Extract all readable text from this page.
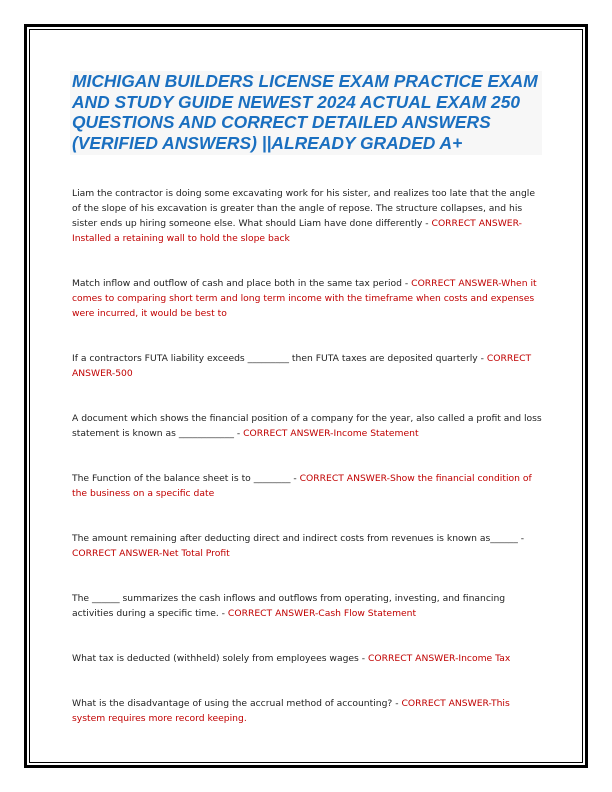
MICHIGAN BUILDERS LICENSE EXAM PRACTICE EXAM AND STUDY GUIDE NEWEST 2024 ACTUAL EXAM 250 QUESTIONS AND CORRECT DETAILED ANSWERS (VERIFIED ANSWERS) ||ALREADY GRADED A+

Liam the contractor is doing some excavating work for his sister, and realizes too late that the angle of the slope of his excavation is greater than the angle of repose. The structure collapses, and his sister ends up hiring someone else. What should Liam have done differently - CORRECT ANSWER-Installed a retaining wall to hold the slope back

Match inflow and outflow of cash and place both in the same tax period - CORRECT ANSWER-When it comes to comparing short term and long term income with the timeframe when costs and expenses were incurred, it would be best to

If a contractors FUTA liability exceeds _________ then FUTA taxes are deposited quarterly - CORRECT ANSWER-500

A document which shows the financial position of a company for the year, also called a profit and loss statement is known as ____________ - CORRECT ANSWER-Income Statement

The Function of the balance sheet is to ________ - CORRECT ANSWER-Show the financial condition of the business on a specific date

The amount remaining after deducting direct and indirect costs from revenues is known as______ - CORRECT ANSWER-Net Total Profit

The ______ summarizes the cash inflows and outflows from operating, investing, and financing activities during a specific time. - CORRECT ANSWER-Cash Flow Statement

What tax is deducted (withheld) solely from employees wages - CORRECT ANSWER-Income Tax

What is the disadvantage of using the accrual method of accounting? - CORRECT ANSWER-This system requires more record keeping.
